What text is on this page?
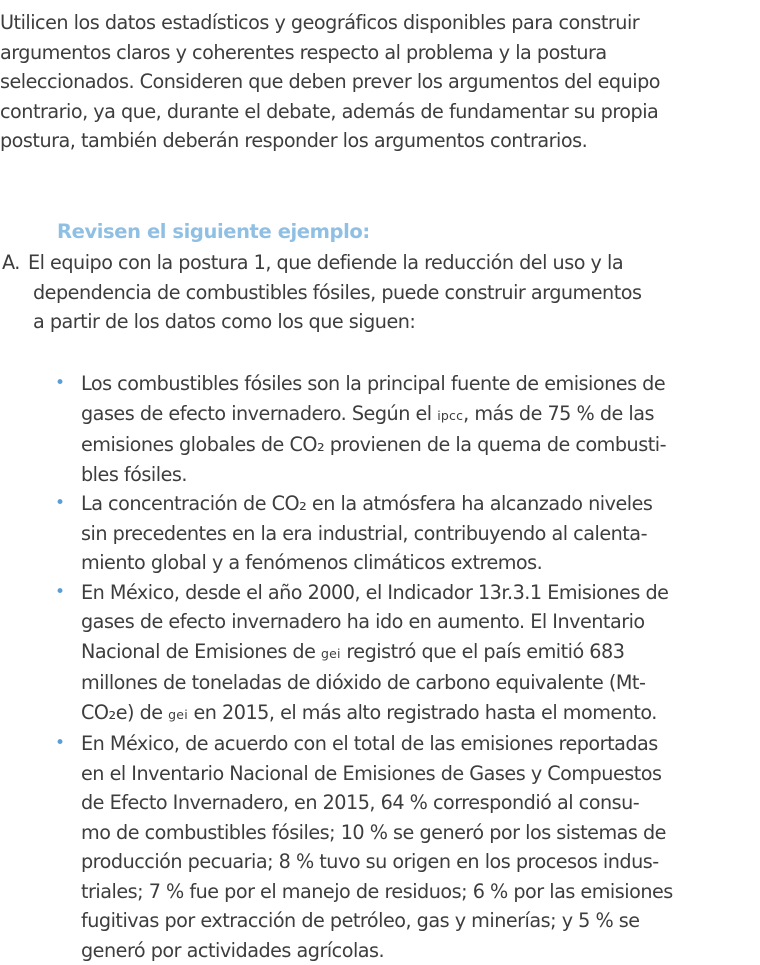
Utilicen los datos estadísticos y geográficos disponibles para construir
argumentos claros y coherentes respecto al problema y la postura
seleccionados. Consideren que deben prever los argumentos del equipo
contrario, ya que, durante el debate, además de fundamentar su propia
postura, también deberán responder los argumentos contrarios.

Revisen el siguiente ejemplo:
A. El equipo con la postura 1, que defiende la reducción del uso y la
dependencia de combustibles fósiles, puede construir argumentos
a partir de los datos como los que siguen:
• Los combustibles fósiles son la principal fuente de emisiones de
gases de efecto invernadero. Según el ipcc, más de 75 % de las
emisiones globales de CO₂ provienen de la quema de combusti-
bles fósiles.
• La concentración de CO₂ en la atmósfera ha alcanzado niveles
sin precedentes en la era industrial, contribuyendo al calenta-
miento global y a fenómenos climáticos extremos.
• En México, desde el año 2000, el Indicador 13r.3.1 Emisiones de
gases de efecto invernadero ha ido en aumento. El Inventario
Nacional de Emisiones de gei registró que el país emitió 683
millones de toneladas de dióxido de carbono equivalente (Mt-
CO₂e) de gei en 2015, el más alto registrado hasta el momento.
• En México, de acuerdo con el total de las emisiones reportadas
en el Inventario Nacional de Emisiones de Gases y Compuestos
de Efecto Invernadero, en 2015, 64 % correspondió al consu-
mo de combustibles fósiles; 10 % se generó por los sistemas de
producción pecuaria; 8 % tuvo su origen en los procesos indus-
triales; 7 % fue por el manejo de residuos; 6 % por las emisiones
fugitivas por extracción de petróleo, gas y minerías; y 5 % se
generó por actividades agrícolas.
